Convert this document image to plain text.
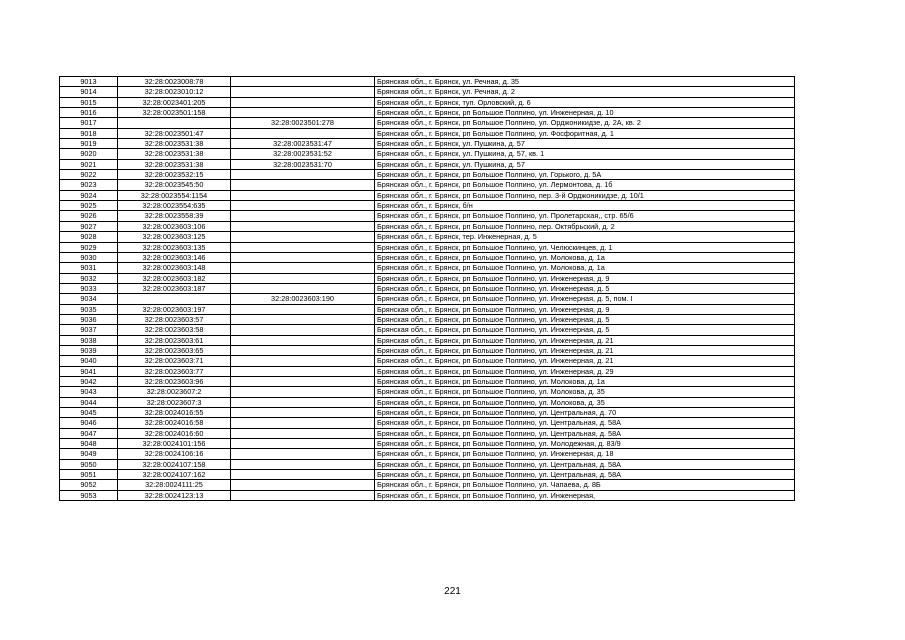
9013	32:28:0023008:78		Брянская обл., г. Брянск, ул. Речная, д. 35
9014	32:28:0023010:12		Брянская обл., г. Брянск, ул. Речная, д. 2
9015	32:28:0023401:205		Брянская обл., г. Брянск, туп. Орловский, д. 6
9016	32:28:0023501:158		Брянская обл., г. Брянск, рп Большое Полпино, ул. Инженерная, д. 10
9017		32:28:0023501:278	Брянская обл., г. Брянск, рп Большое Полпино, ул. Орджоникидзе, д. 2А, кв. 2
9018	32:28:0023501:47		Брянская обл., г. Брянск, рп Большое Полпино, ул. Фосфоритная, д. 1
9019	32:28:0023531:38	32:28:0023531:47	Брянская обл., г. Брянск, ул. Пушкина, д. 57
9020	32:28:0023531:38	32:28:0023531:52	Брянская обл., г. Брянск, ул. Пушкина, д. 57, кв. 1
9021	32:28:0023531:38	32:28:0023531:70	Брянская обл., г. Брянск, ул. Пушкина, д. 57
9022	32:28:0023532:15		Брянская обл., г. Брянск, рп Большое Полпино, ул. Горького, д. 5А
9023	32:28:0023545:50		Брянская обл., г. Брянск, рп Большое Полпино, ул. Лермонтова, д. 1б
9024	32:28:0023554:1154		Брянская обл., г. Брянск, рп Большое Полпино, пер. 3-й Орджоникидзе, д. 10/1
9025	32:28:0023554:635		Брянская обл., г. Брянск, б/н
9026	32:28:0023558:39		Брянская обл., г. Брянск, рп Большое Полпино, ул. Пролетарская,, стр. 65/6
9027	32:28:0023603:106		Брянская обл., г. Брянск, рп Большое Полпино, пер. Октябрьский, д. 2
9028	32:28:0023603:125		Брянская обл., г. Брянск, тер. Инженерная, д. 5
9029	32:28:0023603:135		Брянская обл., г. Брянск, рп Большое Полпино, ул. Челюскинцев, д. 1
9030	32:28:0023603:146		Брянская обл., г. Брянск, рп Большое Полпино, ул. Молокова, д. 1а
9031	32:28:0023603:148		Брянская обл., г. Брянск, рп Большое Полпино, ул. Молокова, д. 1а
9032	32:28:0023603:182		Брянская обл., г. Брянск, рп Большое Полпино, ул. Инженерная, д. 9
9033	32:28:0023603:187		Брянская обл., г. Брянск, рп Большое Полпино, ул. Инженерная, д. 5
9034		32:28:0023603:190	Брянская обл., г. Брянск, рп Большое Полпино, ул. Инженерная, д. 5, пом. I
9035	32:28:0023603:197		Брянская обл., г. Брянск, рп Большое Полпино, ул. Инженерная, д. 9
9036	32:28:0023603:57		Брянская обл., г. Брянск, рп Большое Полпино, ул. Инженерная, д. 5
9037	32:28:0023603:58		Брянская обл., г. Брянск, рп Большое Полпино, ул. Инженерная, д. 5
9038	32:28:0023603:61		Брянская обл., г. Брянск, рп Большое Полпино, ул. Инженерная, д. 21
9039	32:28:0023603:65		Брянская обл., г. Брянск, рп Большое Полпино, ул. Инженерная, д. 21
9040	32:28:0023603:71		Брянская обл., г. Брянск, рп Большое Полпино, ул. Инженерная, д. 21
9041	32:28:0023603:77		Брянская обл., г. Брянск, рп Большое Полпино, ул. Инженерная, д. 29
9042	32:28:0023603:96		Брянская обл., г. Брянск, рп Большое Полпино, ул. Молокова, д. 1а
9043	32:28:0023607:2		Брянская обл., г. Брянск, рп Большое Полпино, ул. Молокова, д. 35
9044	32:28:0023607:3		Брянская обл., г. Брянск, рп Большое Полпино, ул. Молокова, д. 35
9045	32:28:0024016:55		Брянская обл., г. Брянск, рп Большое Полпино, ул. Центральная, д. 70
9046	32:28:0024016:58		Брянская обл., г. Брянск, рп Большое Полпино, ул. Центральная, д. 58А
9047	32:28:0024016:60		Брянская обл., г. Брянск, рп Большое Полпино, ул. Центральная, д. 58А
9048	32:28:0024101:156		Брянская обл., г. Брянск, рп Большое Полпино, ул. Молодежная, д. 83/9
9049	32:28:0024106:16		Брянская обл., г. Брянск, рп Большое Полпино, ул. Инженерная, д. 18
9050	32:28:0024107:158		Брянская обл., г. Брянск, рп Большое Полпино, ул. Центральная, д. 58А
9051	32:28:0024107:162		Брянская обл., г. Брянск, рп Большое Полпино, ул. Центральная, д. 58А
9052	32:28:0024111:25		Брянская обл., г. Брянск, рп Большое Полпино, ул. Чапаева, д. 8Б
9053	32:28:0024123:13		Брянская обл., г. Брянск, рп Большое Полпино, ул. Инженерная,
221
